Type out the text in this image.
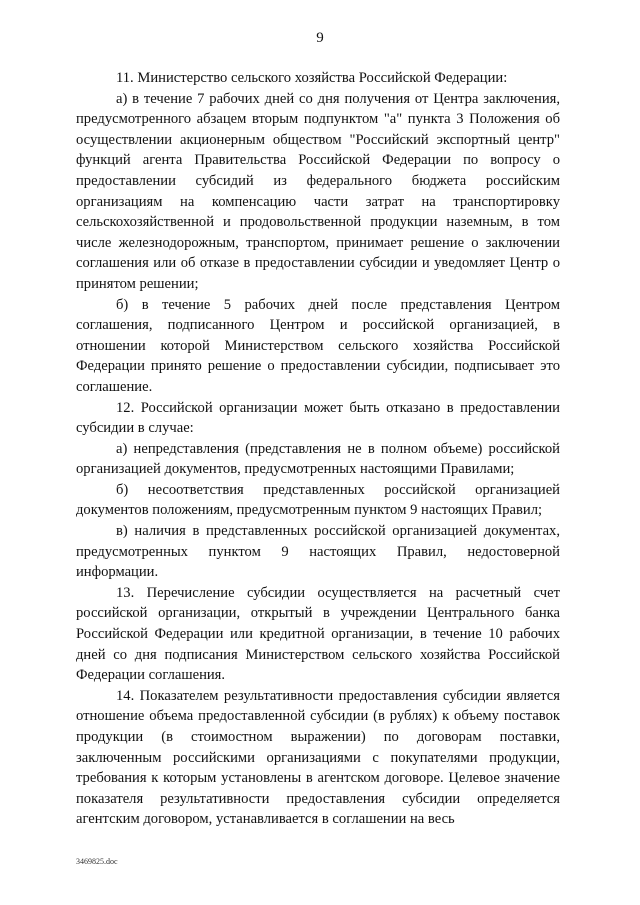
9

11. Министерство сельского хозяйства Российской Федерации:

а) в течение 7 рабочих дней со дня получения от Центра заключения, предусмотренного абзацем вторым подпунктом "а" пункта 3 Положения об осуществлении акционерным обществом "Российский экспортный центр" функций агента Правительства Российской Федерации по вопросу о предоставлении субсидий из федерального бюджета российским организациям на компенсацию части затрат на транспортировку сельскохозяйственной и продовольственной продукции наземным, в том числе железнодорожным, транспортом, принимает решение о заключении соглашения или об отказе в предоставлении субсидии и уведомляет Центр о принятом решении;

б) в течение 5 рабочих дней после представления Центром соглашения, подписанного Центром и российской организацией, в отношении которой Министерством сельского хозяйства Российской Федерации принято решение о предоставлении субсидии, подписывает это соглашение.

12. Российской организации может быть отказано в предоставлении субсидии в случае:

а) непредставления (представления не в полном объеме) российской организацией документов, предусмотренных настоящими Правилами;

б) несоответствия представленных российской организацией документов положениям, предусмотренным пунктом 9 настоящих Правил;

в) наличия в представленных российской организацией документах, предусмотренных пунктом 9 настоящих Правил, недостоверной информации.

13. Перечисление субсидии осуществляется на расчетный счет российской организации, открытый в учреждении Центрального банка Российской Федерации или кредитной организации, в течение 10 рабочих дней со дня подписания Министерством сельского хозяйства Российской Федерации соглашения.

14. Показателем результативности предоставления субсидии является отношение объема предоставленной субсидии (в рублях) к объему поставок продукции (в стоимостном выражении) по договорам поставки, заключенным российскими организациями с покупателями продукции, требования к которым установлены в агентском договоре. Целевое значение показателя результативности предоставления субсидии определяется агентским договором, устанавливается в соглашении на весь

3469825.doc
